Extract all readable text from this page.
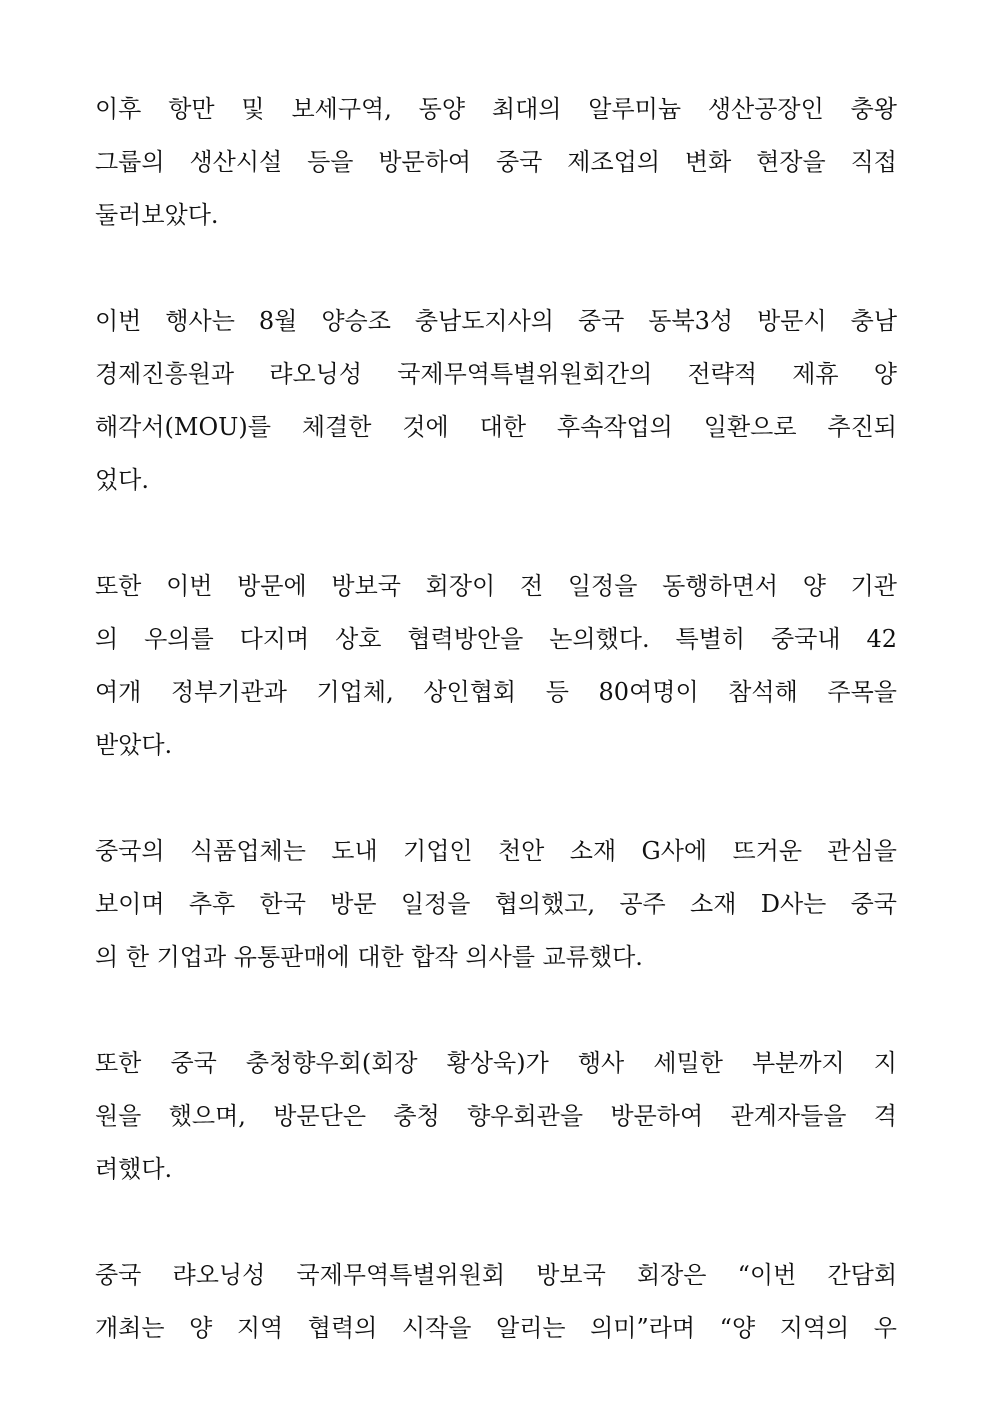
이후 항만 및 보세구역, 동양 최대의 알루미늄 생산공장인 충왕
그룹의 생산시설 등을 방문하여 중국 제조업의 변화 현장을 직접
둘러보았다.
이번 행사는 8월 양승조 충남도지사의 중국 동북3성 방문시 충남
경제진흥원과 랴오닝성 국제무역특별위원회간의 전략적 제휴 양
해각서(MOU)를 체결한 것에 대한 후속작업의 일환으로 추진되
었다.
또한 이번 방문에 방보국 회장이 전 일정을 동행하면서 양 기관
의 우의를 다지며 상호 협력방안을 논의했다. 특별히 중국내 42
여개 정부기관과 기업체, 상인협회 등 80여명이 참석해 주목을
받았다.
중국의 식품업체는 도내 기업인 천안 소재 G사에 뜨거운 관심을
보이며 추후 한국 방문 일정을 협의했고, 공주 소재 D사는 중국
의 한 기업과 유통판매에 대한 합작 의사를 교류했다.
또한 중국 충청향우회(회장 황상욱)가 행사 세밀한 부분까지 지
원을 했으며, 방문단은 충청 향우회관을 방문하여 관계자들을 격
려했다.
중국 랴오닝성 국제무역특별위원회 방보국 회장은 “이번 간담회
개최는 양 지역 협력의 시작을 알리는 의미”라며 “양 지역의 우
